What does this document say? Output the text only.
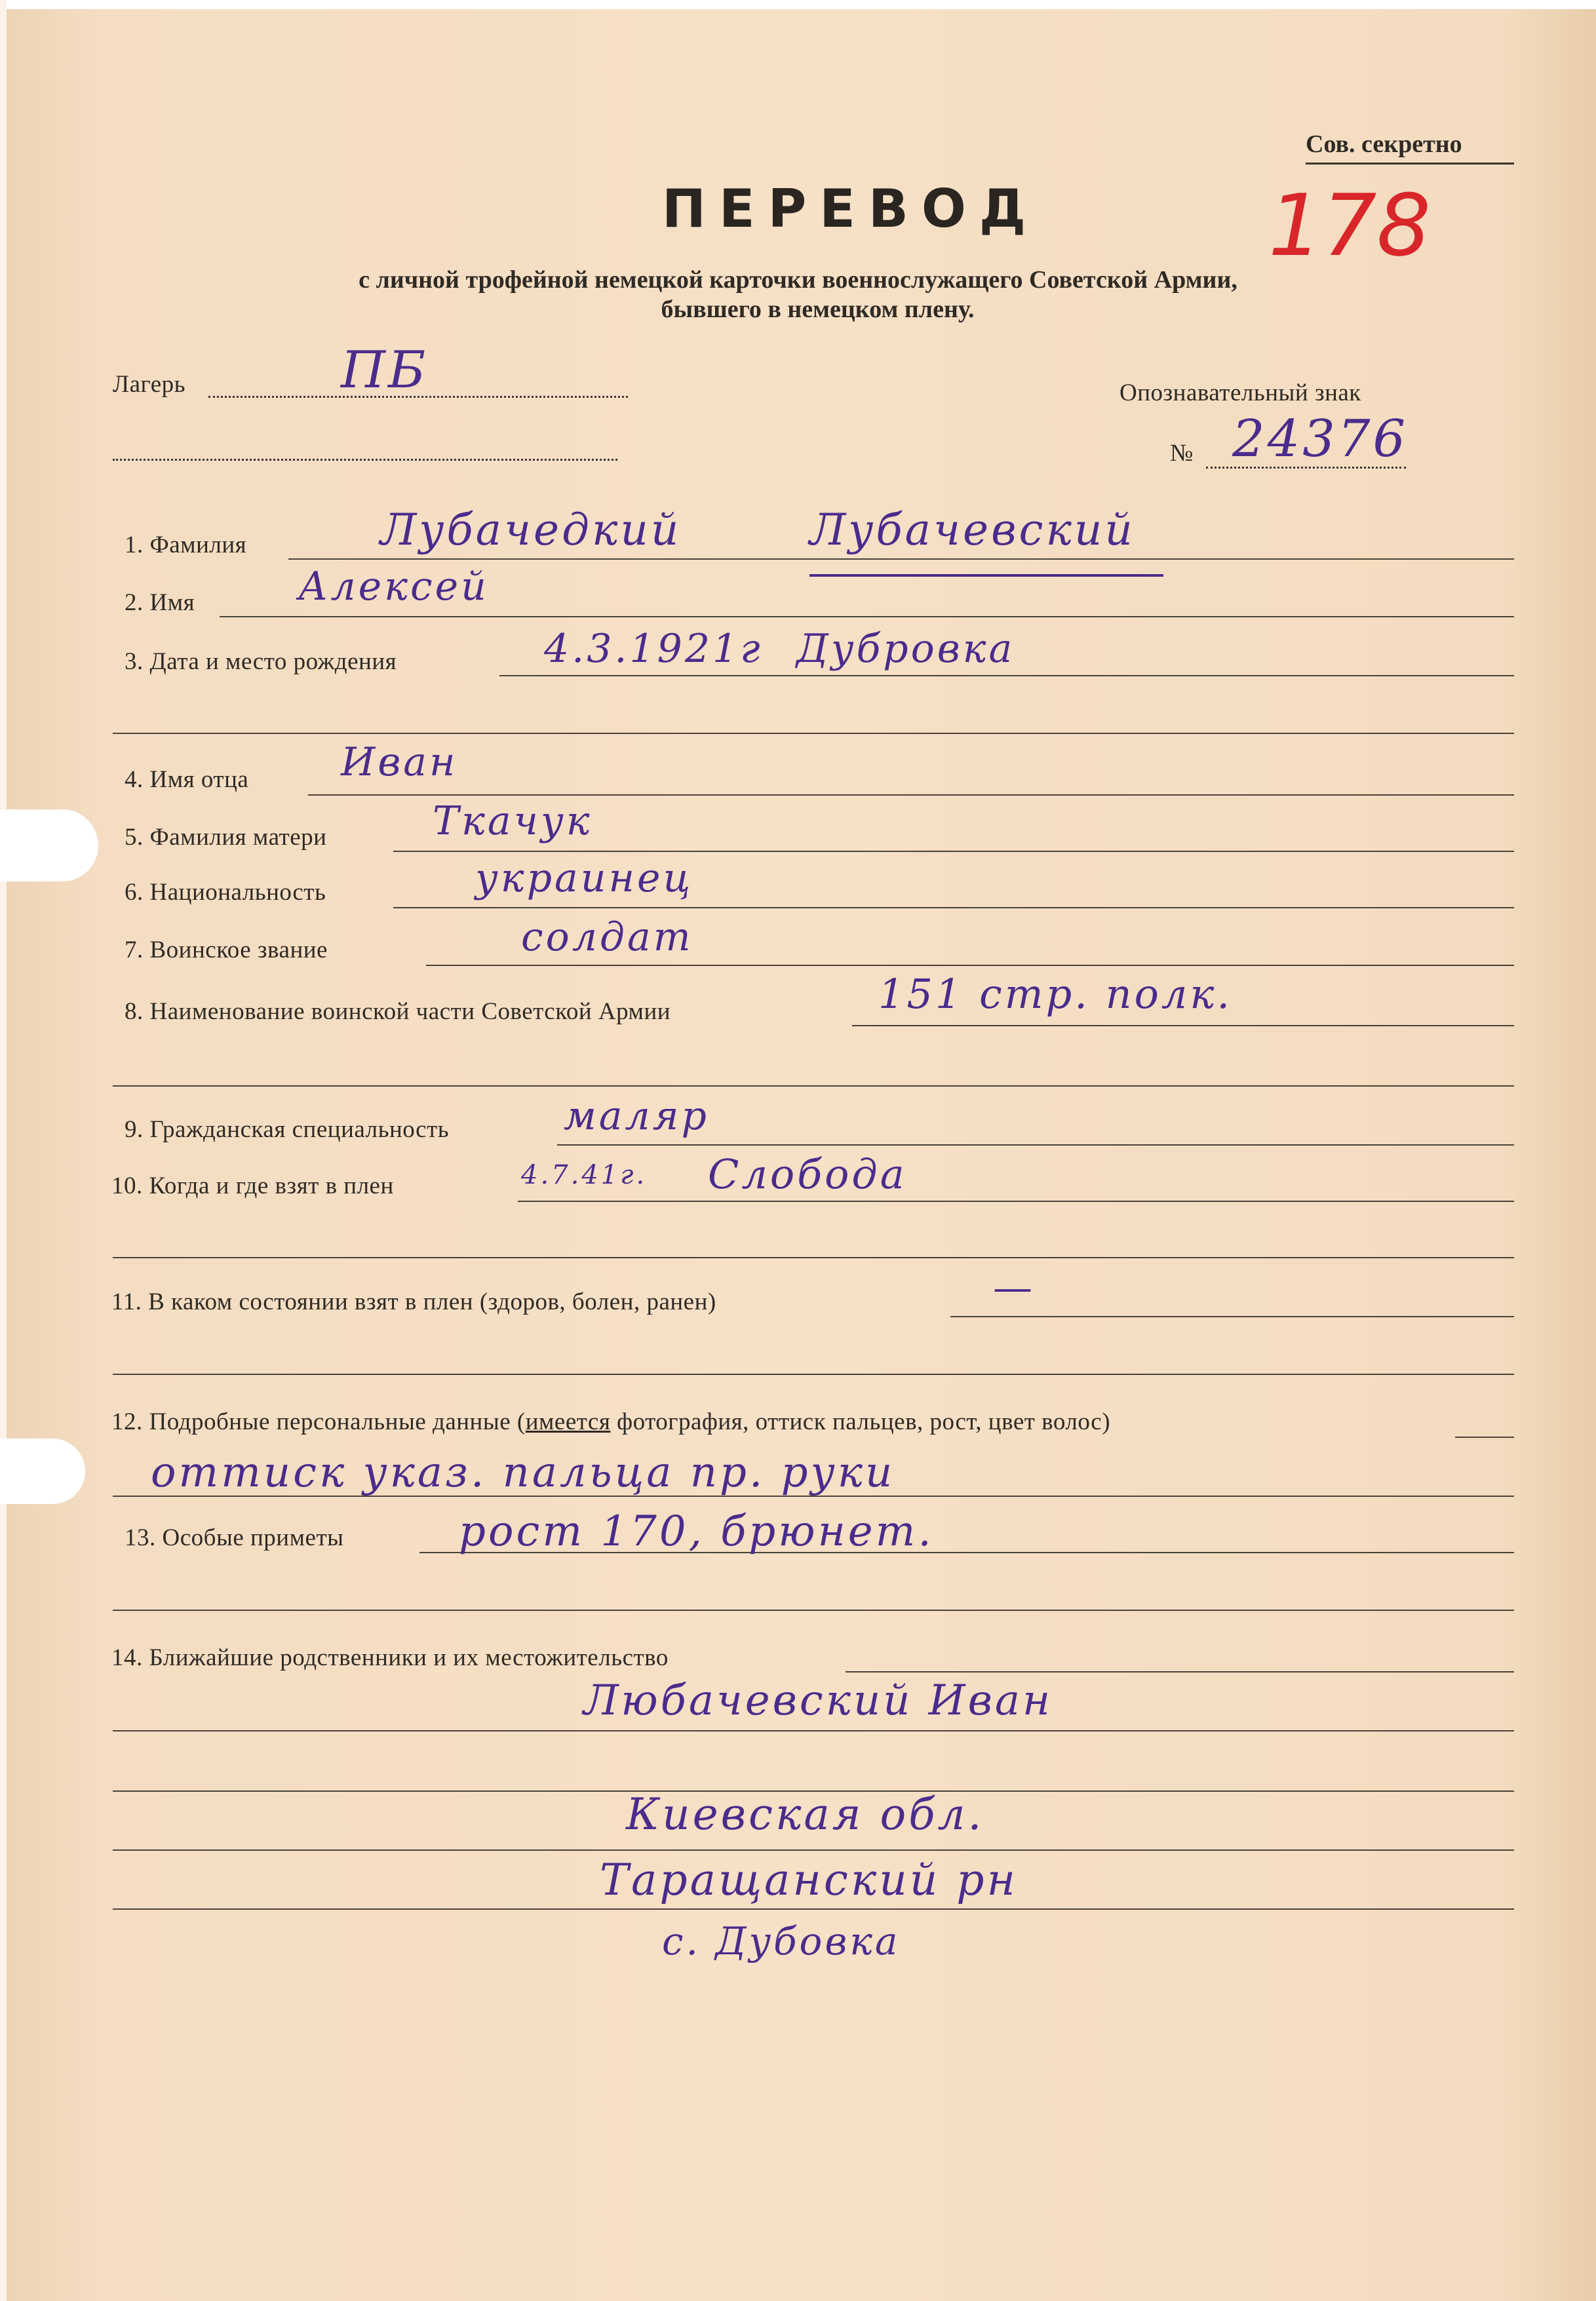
Сов. секретно
178
ПЕРЕВОД
с личной трофейной немецкой карточки военнослужащего Советской Армии,
бывшего в немецком плену.
Лагерь	ПБ	Опознавательный знак
№ 24376
1. Фамилия	Лубачедкий	Лубачевский
2. Имя	Алексей
3. Дата и место рождения	4.3.1921г Дубровка
4. Имя отца Иван
5. Фамилия матери	Ткачук
6. Национальность	украинец
7. Воинское звание	солдат
8. Наименование воинской части Советской Армии	151 стр. полк.
9. Гражданская специальность	маляр
10. Когда и где взят в плен	4.7.41г. Слобода
11. В каком состоянии взят в плен (здоров, болен, ранен)	—
12. Подробные персональные данные (имеется фотография, оттиск пальцев, рост, цвет волос)
оттиск указ. пальца пр. руки
13. Особые приметы	рост 170, брюнет.
14. Ближайшие родственники и их местожительство
Любачевский Иван
Киевская обл.
Таращанский рн
с. Дубовка
